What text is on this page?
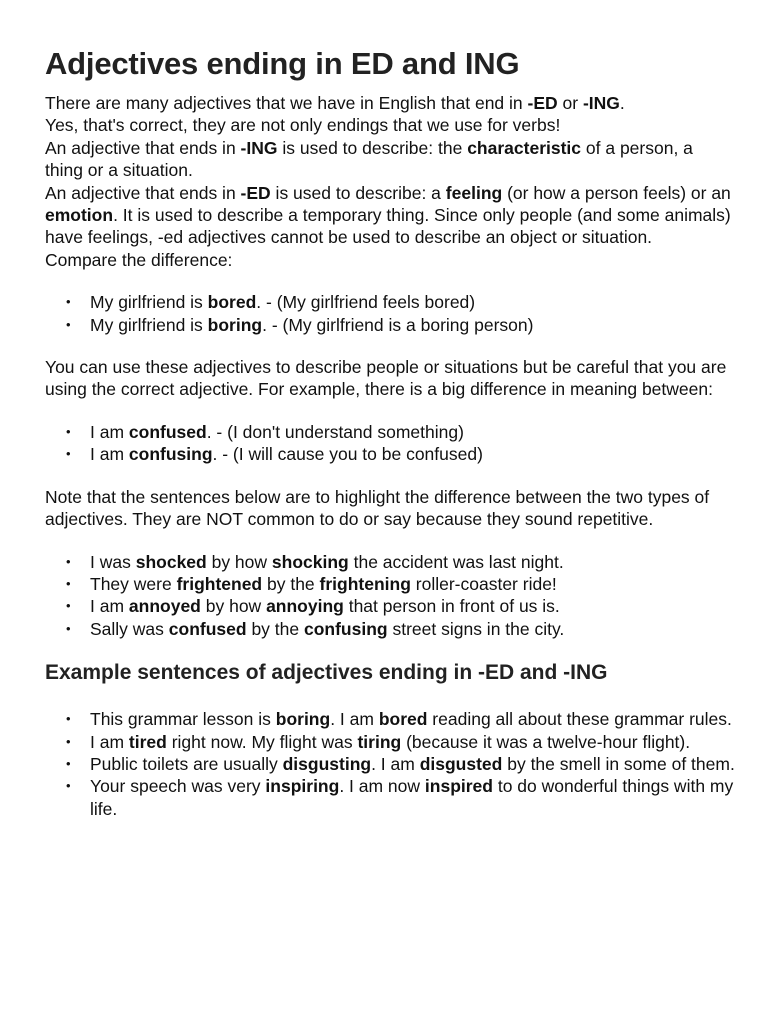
Adjectives ending in ED and ING

There are many adjectives that we have in English that end in -ED or -ING.

Yes, that's correct, they are not only endings that we use for verbs!

An adjective that ends in -ING is used to describe: the characteristic of a person, a thing or a situation.

An adjective that ends in -ED is used to describe: a feeling (or how a person feels) or an emotion. It is used to describe a temporary thing. Since only people (and some animals) have feelings, -ed adjectives cannot be used to describe an object or situation.

Compare the difference:

• My girlfriend is bored. - (My girlfriend feels bored)
• My girlfriend is boring. - (My girlfriend is a boring person)

You can use these adjectives to describe people or situations but be careful that you are using the correct adjective. For example, there is a big difference in meaning between:

• I am confused. - (I don't understand something)
• I am confusing. - (I will cause you to be confused)

Note that the sentences below are to highlight the difference between the two types of adjectives. They are NOT common to do or say because they sound repetitive.

• I was shocked by how shocking the accident was last night.
• They were frightened by the frightening roller-coaster ride!
• I am annoyed by how annoying that person in front of us is.
• Sally was confused by the confusing street signs in the city.
Example sentences of adjectives ending in -ED and -ING
• This grammar lesson is boring. I am bored reading all about these grammar rules.
• I am tired right now. My flight was tiring (because it was a twelve-hour flight).
• Public toilets are usually disgusting. I am disgusted by the smell in some of them.
• Your speech was very inspiring. I am now inspired to do wonderful things with my life.
